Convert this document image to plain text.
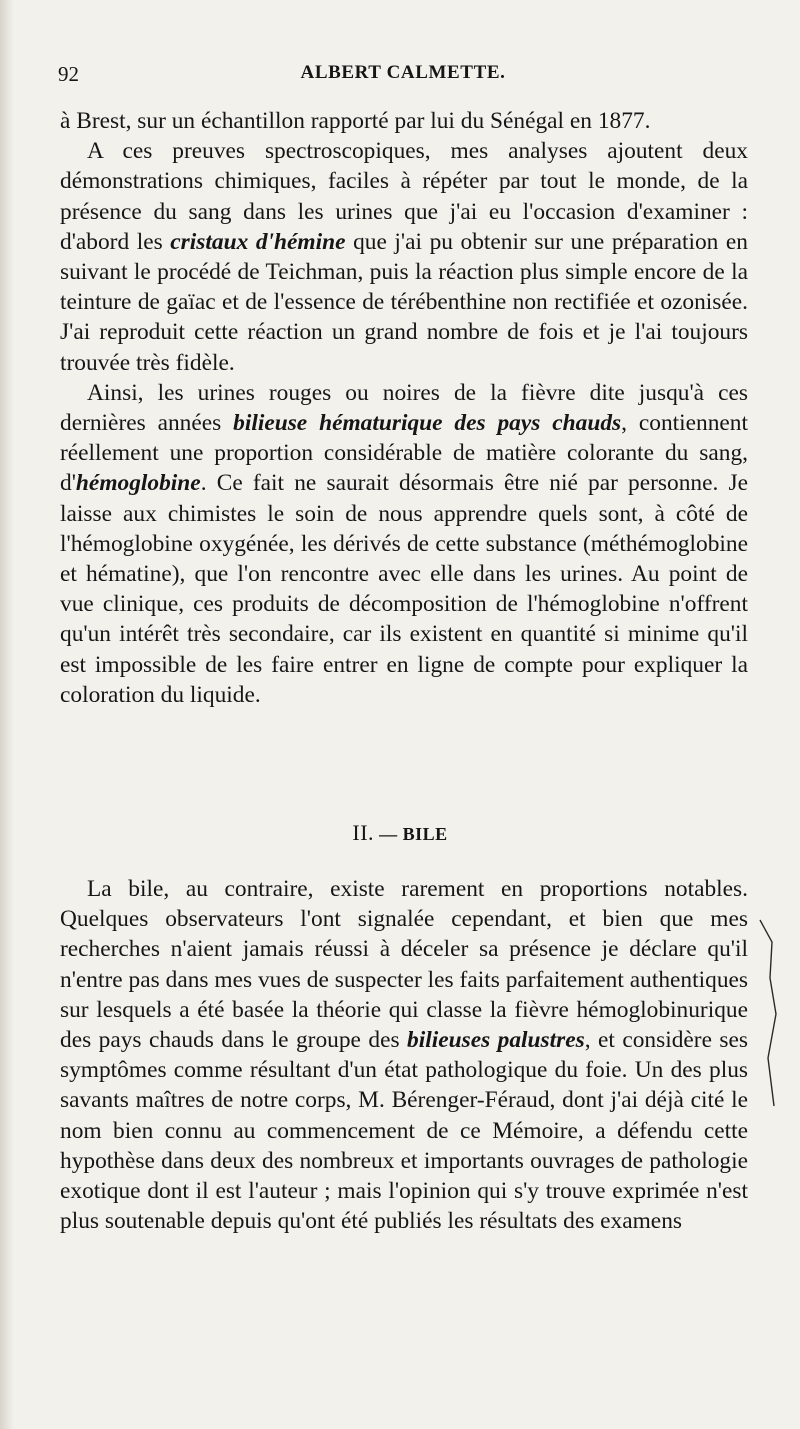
92	ALBERT CALMETTE.

à Brest, sur un échantillon rapporté par lui du Sénégal en 1877.

A ces preuves spectroscopiques, mes analyses ajoutent deux démonstrations chimiques, faciles à répéter par tout le monde, de la présence du sang dans les urines que j'ai eu l'occasion d'examiner : d'abord les cristaux d'hémine que j'ai pu obtenir sur une préparation en suivant le procédé de Teichman, puis la réaction plus simple encore de la teinture de gaïac et de l'essence de térébenthine non rectifiée et ozonisée. J'ai reproduit cette réaction un grand nombre de fois et je l'ai toujours trouvée très fidèle.

Ainsi, les urines rouges ou noires de la fièvre dite jusqu'à ces dernières années bilieuse hématurique des pays chauds, contiennent réellement une proportion considérable de matière colorante du sang, d'hémoglobine. Ce fait ne saurait désormais être nié par personne. Je laisse aux chimistes le soin de nous apprendre quels sont, à côté de l'hémoglobine oxygénée, les dérivés de cette substance (méthémoglobine et hématine), que l'on rencontre avec elle dans les urines. Au point de vue clinique, ces produits de décomposition de l'hémoglobine n'offrent qu'un intérêt très secondaire, car ils existent en quantité si minime qu'il est impossible de les faire entrer en ligne de compte pour expliquer la coloration du liquide.

II. — BILE

La bile, au contraire, existe rarement en proportions notables. Quelques observateurs l'ont signalée cependant, et bien que mes recherches n'aient jamais réussi à déceler sa présence je déclare qu'il n'entre pas dans mes vues de suspecter les faits parfaitement authentiques sur lesquels a été basée la théorie qui classe la fièvre hémoglobinurique des pays chauds dans le groupe des bilieuses palustres, et considère ses symptômes comme résultant d'un état pathologique du foie. Un des plus savants maîtres de notre corps, M. Bérenger-Féraud, dont j'ai déjà cité le nom bien connu au commencement de ce Mémoire, a défendu cette hypothèse dans deux des nombreux et importants ouvrages de pathologie exotique dont il est l'auteur ; mais l'opinion qui s'y trouve exprimée n'est plus soutenable depuis qu'ont été publiés les résultats des examens
